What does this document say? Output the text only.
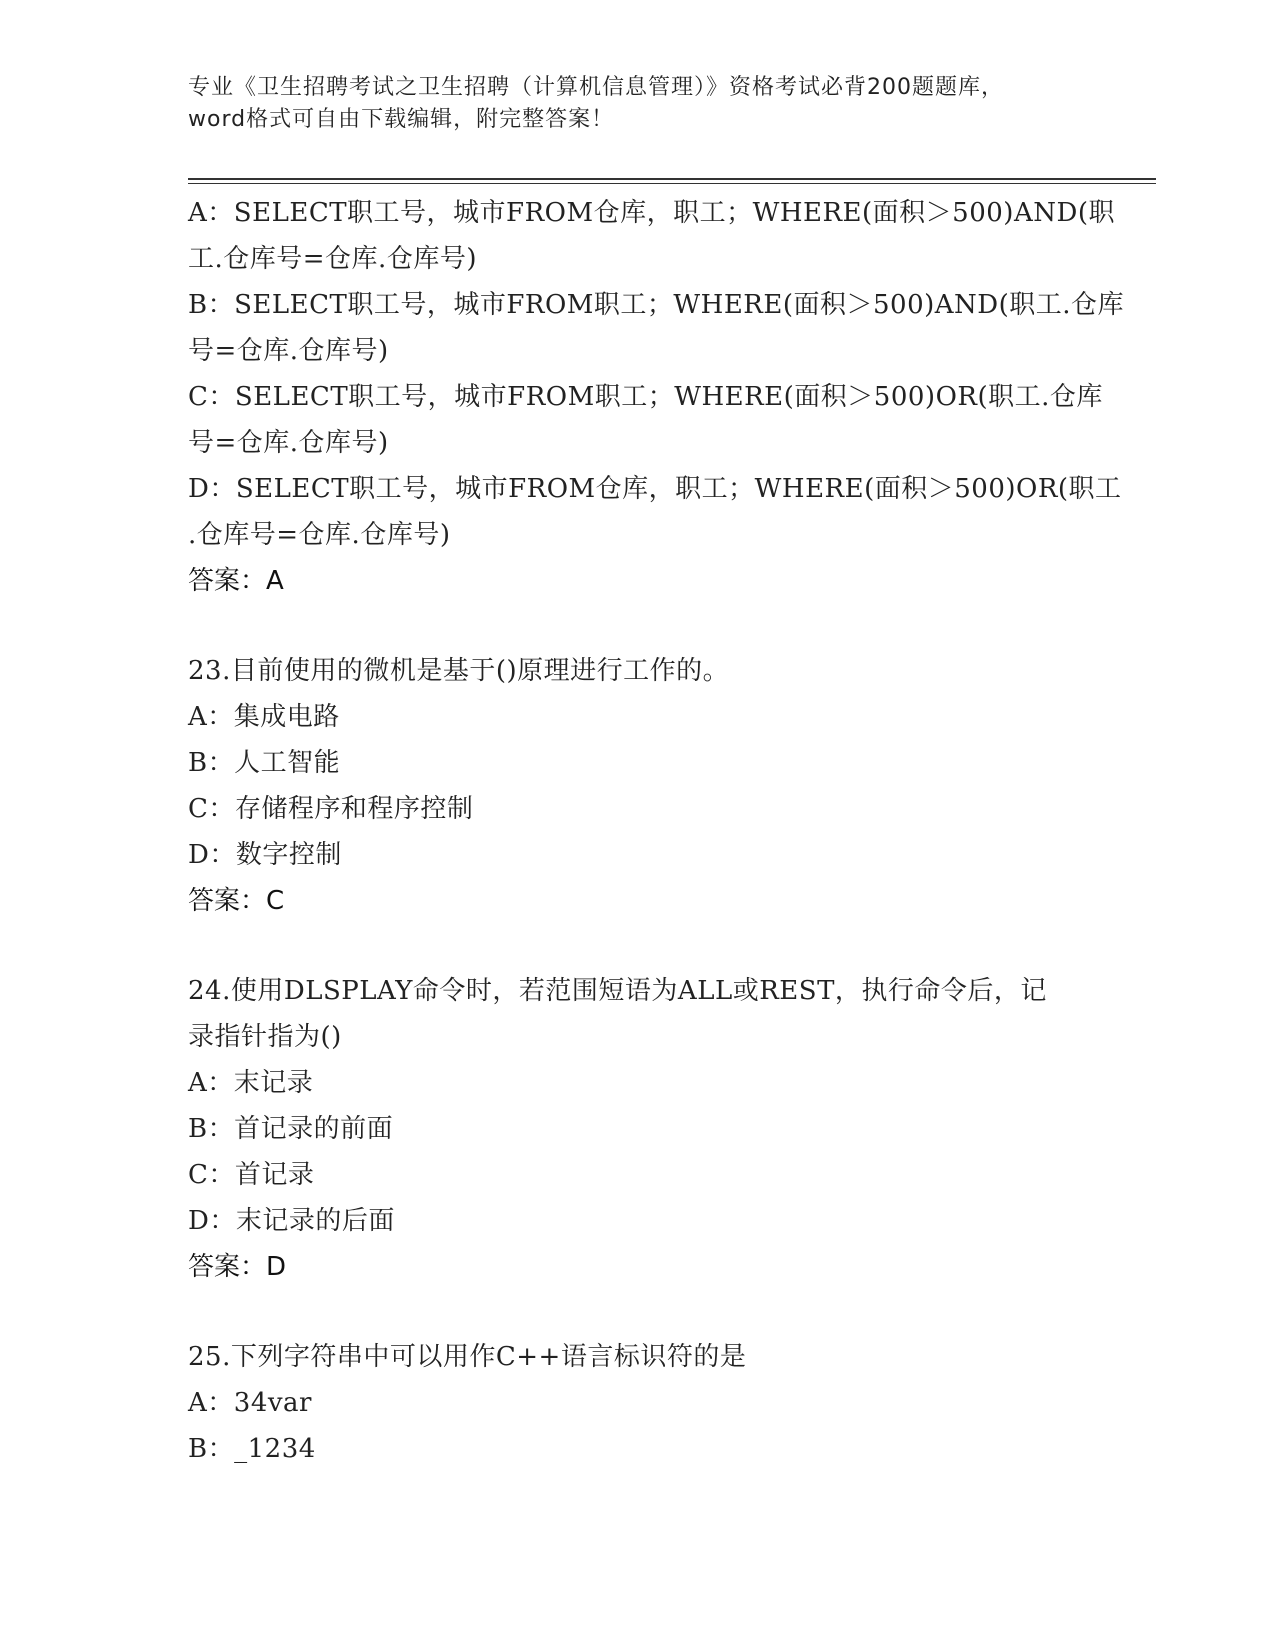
专业《卫生招聘考试之卫生招聘（计算机信息管理）》资格考试必背200题题库，
word格式可自由下载编辑，附完整答案！
A：SELECT职工号，城市FROM仓库，职工；WHERE(面积＞500)AND(职
工.仓库号=仓库.仓库号)
B：SELECT职工号，城市FROM职工；WHERE(面积＞500)AND(职工.仓库
号=仓库.仓库号)
C：SELECT职工号，城市FROM职工；WHERE(面积＞500)OR(职工.仓库
号=仓库.仓库号)
D：SELECT职工号，城市FROM仓库，职工；WHERE(面积＞500)OR(职工
.仓库号=仓库.仓库号)
答案：A
23.目前使用的微机是基于()原理进行工作的。
A：集成电路
B：人工智能
C：存储程序和程序控制
D：数字控制
答案：C
24.使用DLSPLAY命令时，若范围短语为ALL或REST，执行命令后，记
录指针指为()
A：末记录
B：首记录的前面
C：首记录
D：末记录的后面
答案：D
25.下列字符串中可以用作C++语言标识符的是
A：34var
B：_1234
